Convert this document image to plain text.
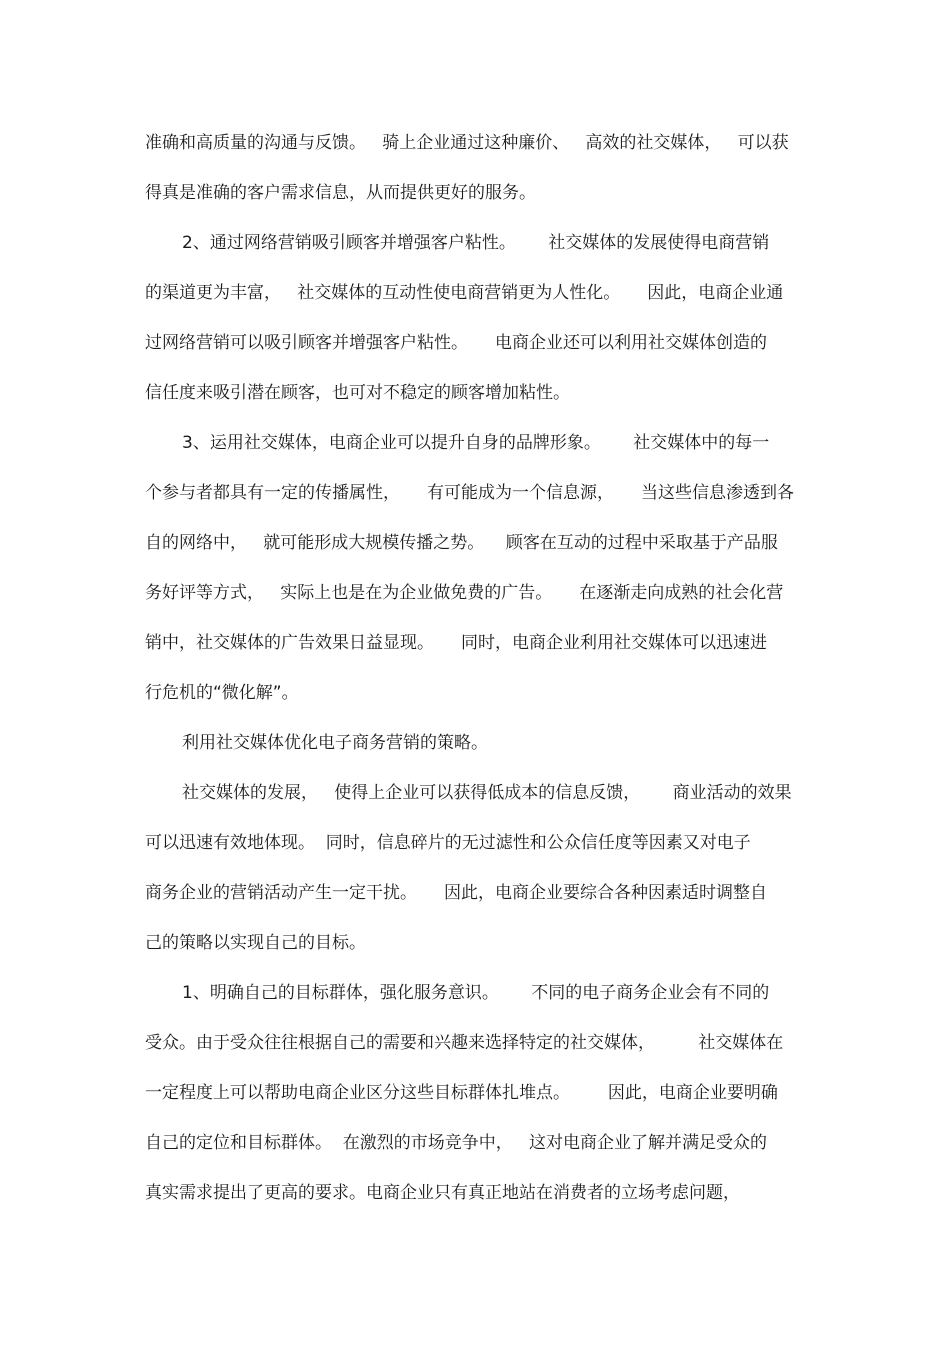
准确和高质量的沟通与反馈。   骑上企业通过这种廉价、   高效的社交媒体，   可以获

得真是准确的客户需求信息，从而提供更好的服务。

2、通过网络营销吸引顾客并增强客户粘性。      社交媒体的发展使得电商营销

的渠道更为丰富，   社交媒体的互动性使电商营销更为人性化。     因此，电商企业通

过网络营销可以吸引顾客并增强客户粘性。     电商企业还可以利用社交媒体创造的

信任度来吸引潜在顾客，也可对不稳定的顾客增加粘性。

3、运用社交媒体，电商企业可以提升自身的品牌形象。      社交媒体中的每一

个参与者都具有一定的传播属性，     有可能成为一个信息源，     当这些信息渗透到各

自的网络中，   就可能形成大规模传播之势。    顾客在互动的过程中采取基于产品服

务好评等方式，   实际上也是在为企业做免费的广告。     在逐渐走向成熟的社会化营

销中，社交媒体的广告效果日益显现。     同时，电商企业利用社交媒体可以迅速进

行危机的“微化解”。

利用社交媒体优化电子商务营销的策略。

社交媒体的发展，   使得上企业可以获得低成本的信息反馈，      商业活动的效果

可以迅速有效地体现。  同时，信息碎片的无过滤性和公众信任度等因素又对电子

商务企业的营销活动产生一定干扰。     因此，电商企业要综合各种因素适时调整自

己的策略以实现自己的目标。

1、明确自己的目标群体，强化服务意识。      不同的电子商务企业会有不同的

受众。由于受众往往根据自己的需要和兴趣来选择特定的社交媒体，        社交媒体在

一定程度上可以帮助电商企业区分这些目标群体扎堆点。       因此，电商企业要明确

自己的定位和目标群体。  在激烈的市场竞争中，   这对电商企业了解并满足受众的

真实需求提出了更高的要求。电商企业只有真正地站在消费者的立场考虑问题，
